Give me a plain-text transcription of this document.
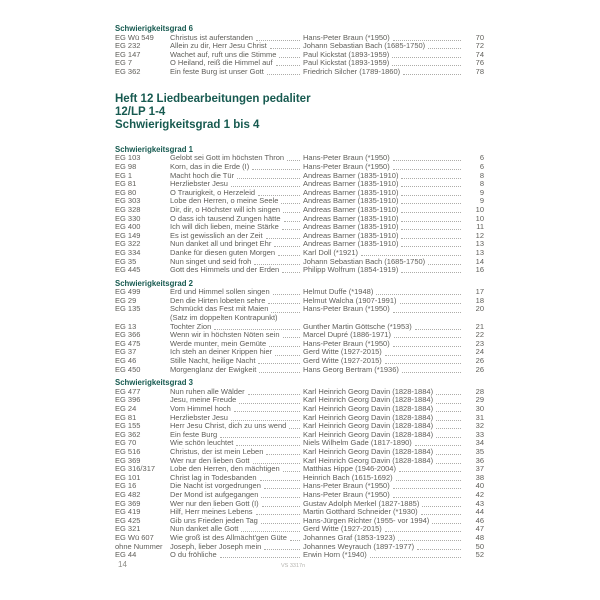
Schwierigkeitsgrad 6
EG Wü 549	Christus ist auferstanden	Hans-Peter Braun (*1950)	70
EG 232	Allein zu dir, Herr Jesu Christ	Johann Sebastian Bach (1685-1750)	72
EG 147	Wachet auf, ruft uns die Stimme	Paul Kickstat (1893-1959)	74
EG 7	O Heiland, reiß die Himmel auf	Paul Kickstat (1893-1959)	76
EG 362	Ein feste Burg ist unser Gott	Friedrich Silcher (1789-1860)	78
Heft 12 Liedbearbeitungen pedaliter
12/LP 1-4
Schwierigkeitsgrad 1 bis 4
Schwierigkeitsgrad 1
EG 103	Gelobt sei Gott im höchsten Thron	Hans-Peter Braun (*1950)	6
EG 98	Korn, das in die Erde (I)	Hans-Peter Braun (*1950)	6
EG 1	Macht hoch die Tür	Andreas Barner (1835-1910)	8
EG 81	Herzliebster Jesu	Andreas Barner (1835-1910)	8
EG 80	O Traurigkeit, o Herzeleid	Andreas Barner (1835-1910)	9
EG 303	Lobe den Herren, o meine Seele	Andreas Barner (1835-1910)	9
EG 328	Dir, dir, o Höchster will ich singen	Andreas Barner (1835-1910)	10
EG 330	O dass ich tausend Zungen hätte	Andreas Barner (1835-1910)	10
EG 400	Ich will dich lieben, meine Stärke	Andreas Barner (1835-1910)	11
EG 149	Es ist gewisslich an der Zeit	Andreas Barner (1835-1910)	12
EG 322	Nun danket all und bringet Ehr	Andreas Barner (1835-1910)	13
EG 334	Danke für diesen guten Morgen	Karl Doll (*1921)	13
EG 35	Nun singet und seid froh	Johann Sebastian Bach (1685-1750)	14
EG 445	Gott des Himmels und der Erden	Philipp Wolfrum (1854-1919)	16
Schwierigkeitsgrad 2
EG 499	Erd und Himmel sollen singen	Helmut Duffe (*1948)	17
EG 29	Den die Hirten lobeten sehre	Helmut Walcha (1907-1991)	18
EG 135	Schmückt das Fest mit Maien	Hans-Peter Braun (*1950)	20
(Satz im doppelten Kontrapunkt)
EG 13	Tochter Zion	Gunther Martin Göttsche (*1953)	21
EG 366	Wenn wir in höchsten Nöten sein	Marcel Dupré (1886-1971)	22
EG 475	Werde munter, mein Gemüte	Hans-Peter Braun (*1950)	23
EG 37	Ich steh an deiner Krippen hier	Gerd Witte (1927-2015)	24
EG 46	Stille Nacht, heilige Nacht	Gerd Witte (1927-2015)	26
EG 450	Morgenglanz der Ewigkeit	Hans Georg Bertram (*1936)	26
Schwierigkeitsgrad 3
EG 477	Nun ruhen alle Wälder	Karl Heinrich Georg Davin (1828-1884)	28
EG 396	Jesu, meine Freude	Karl Heinrich Georg Davin (1828-1884)	29
EG 24	Vom Himmel hoch	Karl Heinrich Georg Davin (1828-1884)	30
EG 81	Herzliebster Jesu	Karl Heinrich Georg Davin (1828-1884)	31
EG 155	Herr Jesu Christ, dich zu uns wend Karl Heinrich Georg Davin (1828-1884)	32
EG 362	Ein feste Burg	Karl Heinrich Georg Davin (1828-1884)	33
EG 70	Wie schön leuchtet	Niels Wilhelm Gade (1817-1890)	34
EG 516	Christus, der ist mein Leben	Karl Heinrich Georg Davin (1828-1884)	35
EG 369	Wer nur den lieben Gott	Karl Heinrich Georg Davin (1828-1884)	36
EG 316/317	Lobe den Herren, den mächtigen	Matthias Hippe (1946-2004)	37
EG 101	Christ lag in Todesbanden	Heinrich Bach (1615-1692)	38
EG 16	Die Nacht ist vorgedrungen	Hans-Peter Braun (*1950)	40
EG 482	Der Mond ist aufgegangen	Hans-Peter Braun (*1950)	42
EG 369	Wer nur den lieben Gott (I)	Gustav Adolph Merkel (1827-1885)	43
EG 419	Hilf, Herr meines Lebens	Martin Gotthard Schneider (*1930)	44
EG 425	Gib uns Frieden jeden Tag	Hans-Jürgen Richter (1955- vor 1994)	46
EG 321	Nun danket alle Gott	Gerd Witte (1927-2015)	47
EG Wü 607	Wie groß ist des Allmächt'gen Güte Johannes Graf (1853-1923)	48
ohne Nummer Joseph, lieber Joseph mein	Johannes Weyrauch (1897-1977)	50
EG 44	O du fröhliche	Erwin Horn (*1940)	52
14	VS 3317n
